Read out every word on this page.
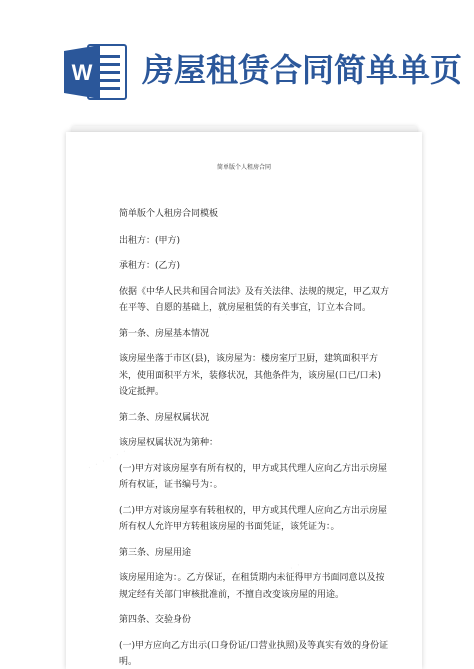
W 房屋租赁合同简单单页
· · · · · · · ·
· · · · · · · ·
· · · · · · · ·
简单版个人租房合同

简单版个人租房合同模板

出租方：(甲方)

承租方：(乙方)

依据《中华人民共和国合同法》及有关法律、法规的规定，甲乙双方在平等、自愿的基础上，就房屋租赁的有关事宜，订立本合同。

第一条、房屋基本情况

该房屋坐落于市区(县)，该房屋为：楼房室厅卫厨，建筑面积平方米，使用面积平方米，装修状况，其他条件为，该房屋(口已/口未)设定抵押。

第二条、房屋权属状况

该房屋权属状况为第种：

(一)甲方对该房屋享有所有权的，甲方或其代理人应向乙方出示房屋所有权证，证书编号为：。

(二)甲方对该房屋享有转租权的，甲方或其代理人应向乙方出示房屋所有权人允许甲方转租该房屋的书面凭证，该凭证为：。

第三条、房屋用途

该房屋用途为：。乙方保证，在租赁期内未征得甲方书面同意以及按规定经有关部门审核批准前，不擅自改变该房屋的用途。

第四条、交验身份

(一)甲方应向乙方出示(口身份证/口营业执照)及等真实有效的身份证明。
